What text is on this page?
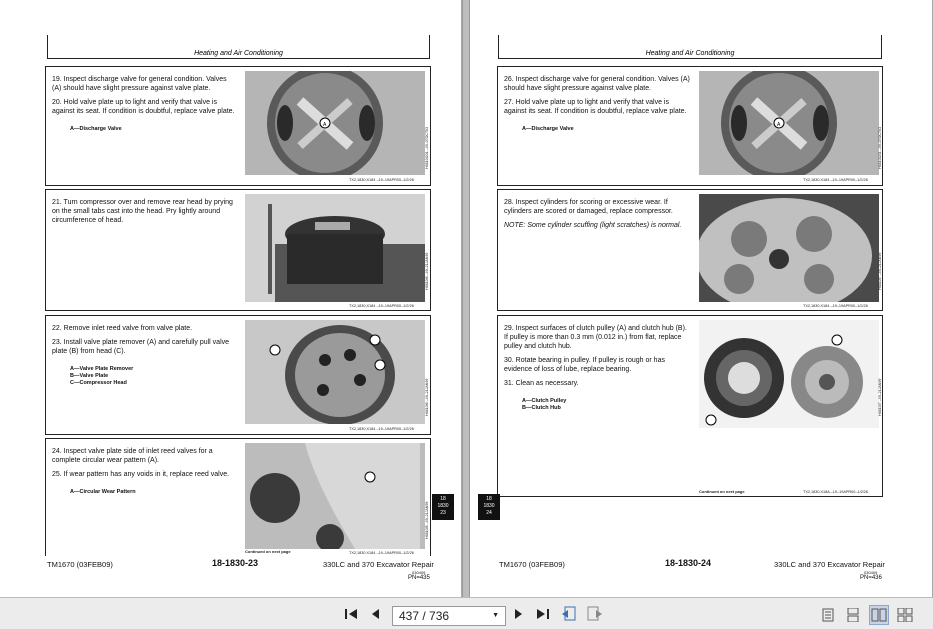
Heating and Air Conditioning

19. Inspect discharge valve for general condition. Valves (A) should have slight pressure against valve plate.

20. Hold valve plate up to light and verify that valve is against its seat. If condition is doubtful, replace valve plate.

A—Discharge Valve
A
TX2,1830,X184 –19–19APR00–1/2/26
H6810I201 –49–07OCT03

21. Turn compressor over and remove rear head by prying on the small tabs cast into the head. Pry lightly around circumference of head.

TX2,1830,X184 –19–19APR00–1/2/26
H6810I6 –49–21JAN99

22. Remove inlet reed valve from valve plate.

23. Install valve plate remover (A) and carefully pull valve plate (B) from head (C).

A—Valve Plate Remover
B—Valve Plate
C—Compressor Head
TX2,1830,X184 –19–19APR00–1/2/26
H6810I6 –49–21JAN99

24. Inspect valve plate side of inlet reed valves for a complete circular wear pattern (A).

25. If wear pattern has any voids in it, replace reed valve.

A—Circular Wear Pattern
TX2,1830,X184 –19–19APR00–1/2/26
H6810I5 –49–21JAN99
Continued on next page
18
1830
23
TM1670 (03FEB09)	18-1830-23	330LC and 370 Excavator Repair
030409
PN=435
Heating and Air Conditioning

26. Inspect discharge valve for general condition. Valves (A) should have slight pressure against valve plate.

27. Hold valve plate up to light and verify that valve is against its seat. If condition is doubtful, replace valve plate.

A—Discharge Valve
A
TX2,1830,X184 –19–19APR00–1/2/26
H6810I201 –49–07OCT03

28. Inspect cylinders for scoring or excessive wear. If cylinders are scored or damaged, replace compressor.

NOTE: Some cylinder scuffing (light scratches) is normal.

TX2,1830,X184 –19–19APR00–1/2/26
H6810I7 –49–21JAN99

29. Inspect surfaces of clutch pulley (A) and clutch hub (B). If pulley is more than 0.3 mm (0.012 in.) from flat, replace pulley and clutch hub.

30. Rotate bearing in pulley. If pulley is rough or has evidence of loss of lube, replace bearing.

31. Clean as necessary.

A—Clutch Pulley
B—Clutch Hub
TX2,1830,X18A –19–19APR00–1/2/26
H6810I7 –49–21JAN99
Continued on next page
18
1830
24
TM1670 (03FEB09)	18-1830-24	330LC and 370 Excavator Repair
030409
PN=436
437 / 736	▼
